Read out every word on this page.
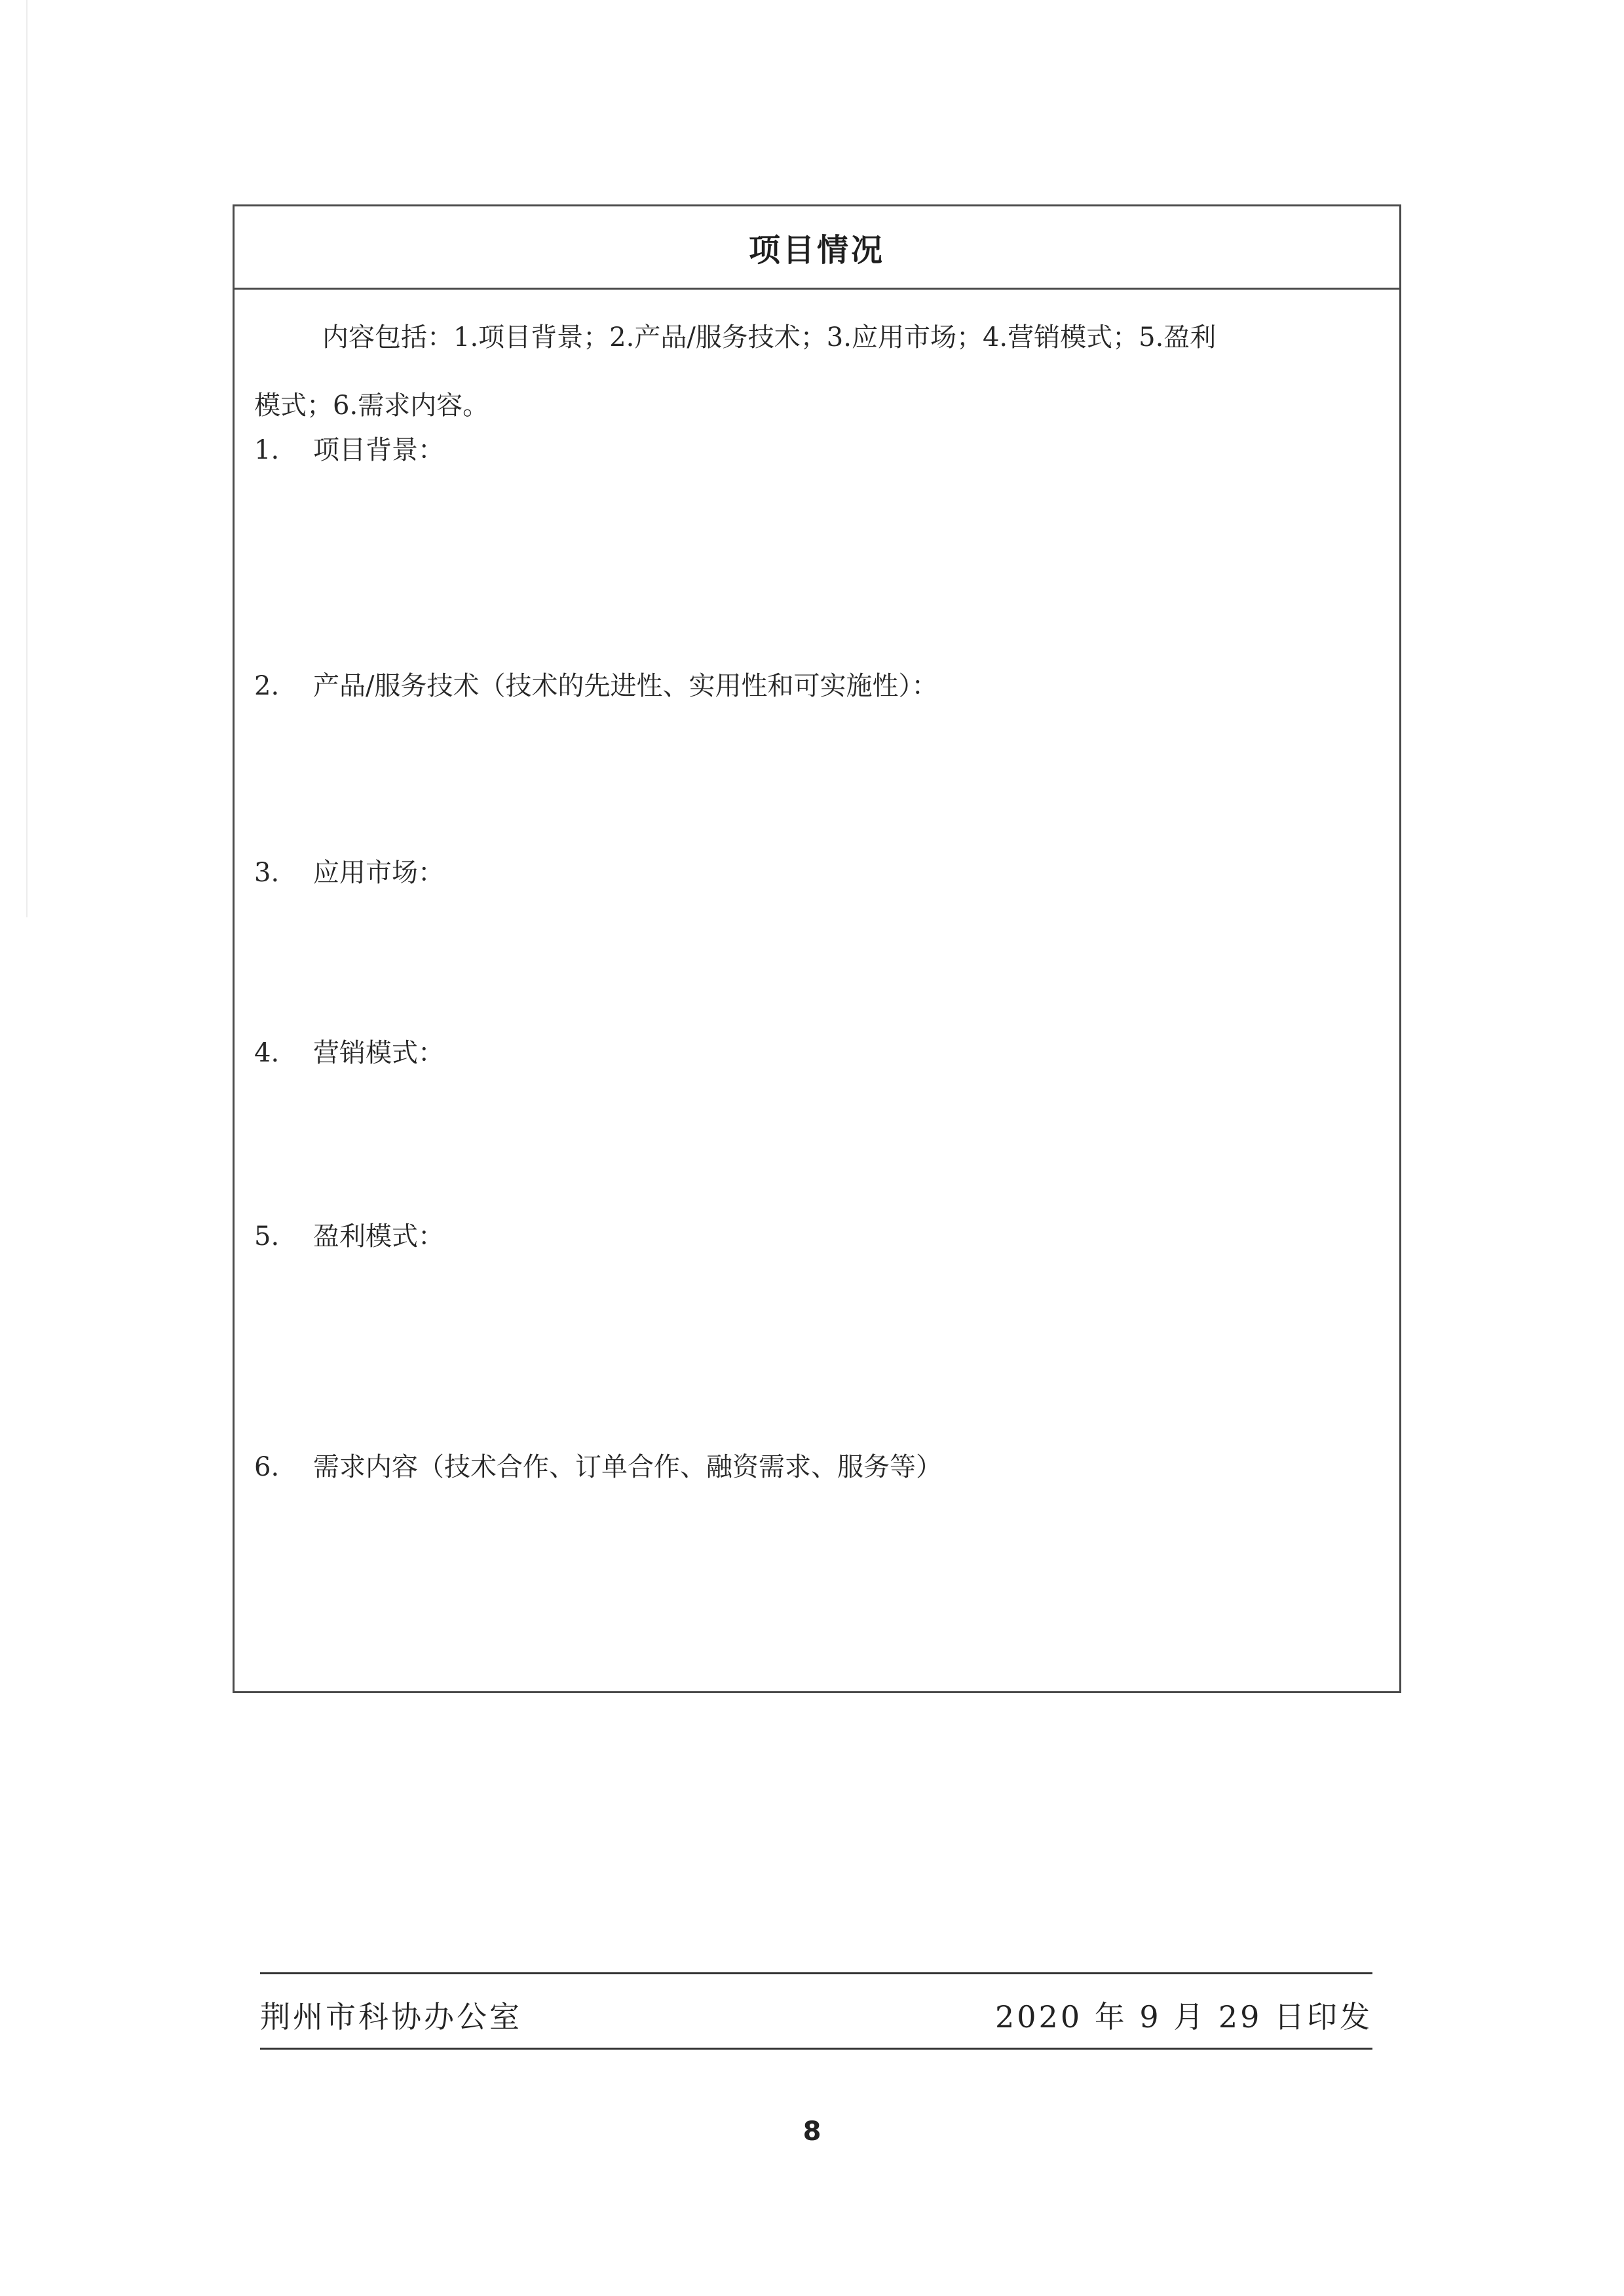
项目情况
内容包括：1.项目背景；2.产品/服务技术；3.应用市场；4.营销模式；5.盈利
模式；6.需求内容。
1. 项目背景：
2. 产品/服务技术（技术的先进性、实用性和可实施性）：
3. 应用市场：
4. 营销模式：
5. 盈利模式：
6. 需求内容（技术合作、订单合作、融资需求、服务等）
荆州市科协办公室	2020 年 9 月 29 日印发
8
